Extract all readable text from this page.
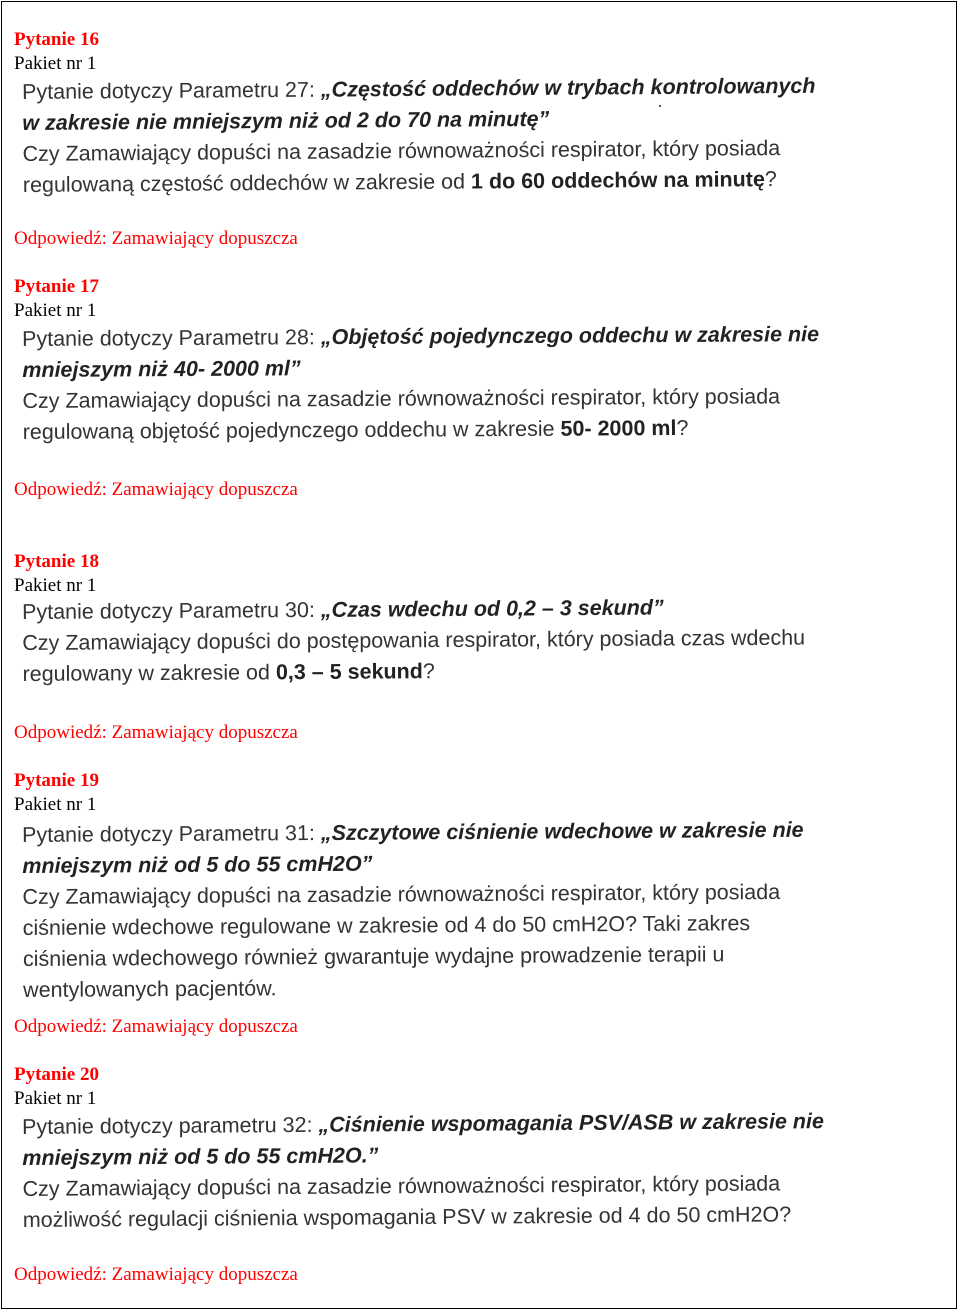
Pytanie 16
Pakiet nr 1
Pytanie dotyczy Parametru 27: „Częstość oddechów w trybach kontrolowanych
w zakresie nie mniejszym niż od 2 do 70 na minutę”
Czy Zamawiający dopuści na zasadzie równoważności respirator, który posiada
regulowaną częstość oddechów w zakresie od 1 do 60 oddechów na minutę?
Odpowiedź: Zamawiający dopuszcza
Pytanie 17
Pakiet nr 1
Pytanie dotyczy Parametru 28: „Objętość pojedynczego oddechu w zakresie nie
mniejszym niż 40- 2000 ml”
Czy Zamawiający dopuści na zasadzie równoważności respirator, który posiada
regulowaną objętość pojedynczego oddechu w zakresie 50- 2000 ml?
Odpowiedź: Zamawiający dopuszcza
Pytanie 18
Pakiet nr 1
Pytanie dotyczy Parametru 30: „Czas wdechu od 0,2 – 3 sekund”
Czy Zamawiający dopuści do postępowania respirator, który posiada czas wdechu
regulowany w zakresie od 0,3 – 5 sekund?
Odpowiedź: Zamawiający dopuszcza
Pytanie 19
Pakiet nr 1
Pytanie dotyczy Parametru 31: „Szczytowe ciśnienie wdechowe w zakresie nie
mniejszym niż od 5 do 55 cmH2O”
Czy Zamawiający dopuści na zasadzie równoważności respirator, który posiada
ciśnienie wdechowe regulowane w zakresie od 4 do 50 cmH2O? Taki zakres
ciśnienia wdechowego również gwarantuje wydajne prowadzenie terapii u
wentylowanych pacjentów.
Odpowiedź: Zamawiający dopuszcza
Pytanie 20
Pakiet nr 1
Pytanie dotyczy parametru 32: „Ciśnienie wspomagania PSV/ASB w zakresie nie
mniejszym niż od 5 do 55 cmH2O.”
Czy Zamawiający dopuści na zasadzie równoważności respirator, który posiada
możliwość regulacji ciśnienia wspomagania PSV w zakresie od 4 do 50 cmH2O?
Odpowiedź: Zamawiający dopuszcza
